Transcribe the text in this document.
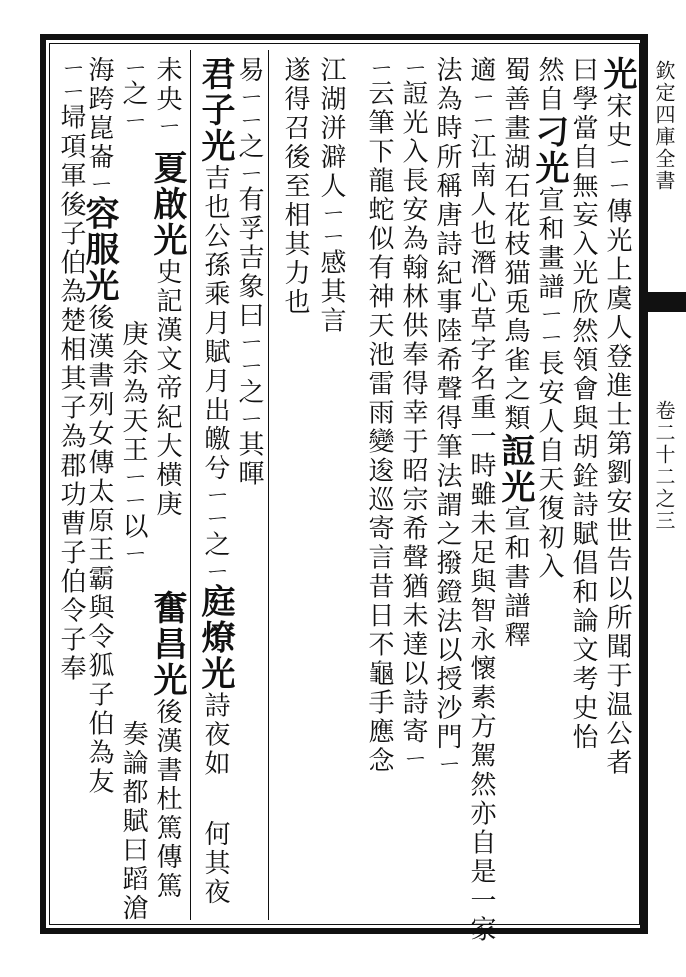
欽定四庫全書
卷二十二之三
光宋史ㄧㄧ傳光上虞人登進士第劉安世告以所聞于温公者
曰學當自無妄入光欣然領會與胡銓詩賦倡和論文考史怡
然自刁光宣和畫譜ㄧㄧ長安人自天復初入
蜀善畫湖石花枝猫兎鳥雀之類䛠光宣和書譜釋
適ㄧㄧ江南人也潛心草字名重一時雖未足與智永懷素方駕然亦自是一家
法為時所稱唐詩紀事陸希聲得筆法謂之撥鐙法以授沙門ㄧ
ㄧ䛠光入長安為翰林供奉得幸于昭宗希聲猶未達以詩寄ㄧ
ㄧ云筆下龍蛇似有神天池雷雨變逡巡寄言昔日不龜手應念
江湖洴澼人ㄧㄧ感其言
遂得召後至相其力也
易ㄧㄧ之ㄧ有孚吉象曰ㄧㄧ之ㄧ其暉
君子光吉也公孫乘月賦月出皦兮ㄧㄧ之ㄧ庭燎光詩夜如
何其夜
未央ㄧ
夏啟光史記漢文帝紀大横庚
ㄧ之ㄧ
庚余為天王ㄧㄧ以ㄧ
奮昌光後漢書杜篤傳篤
奏論都賦曰蹈滄
海跨崑崙ㄧ容服光後漢書列女傳太原王霸與令狐子伯為友
ㄧㄧ埽項軍後子伯為楚相其子為郡功曹子伯令子奉
